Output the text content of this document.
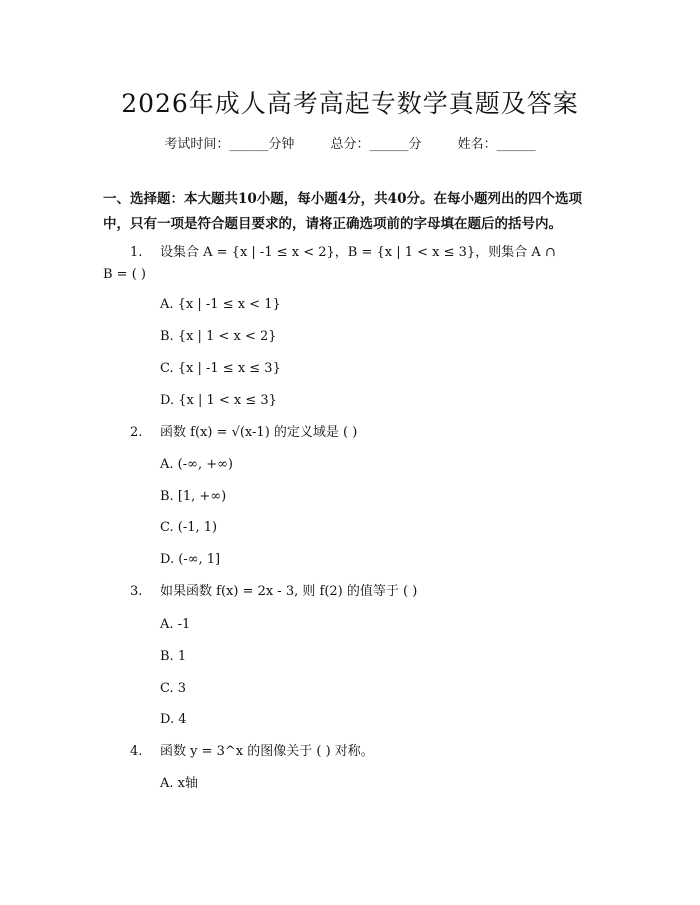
2026年成人高考高起专数学真题及答案
考试时间：______分钟	总分：______分	姓名：______
一、选择题：本大题共10小题，每小题4分，共40分。在每小题列出的四个选项中，只有一项是符合题目要求的，请将正确选项前的字母填在题后的括号内。
1. 设集合 A = {x | -1 ≤ x < 2}，B = {x | 1 < x ≤ 3}，则集合 A ∩
B = ( )
A. {x | -1 ≤ x < 1}
B. {x | 1 < x < 2}
C. {x | -1 ≤ x ≤ 3}
D. {x | 1 < x ≤ 3}
2. 函数 f(x) = √(x-1) 的定义域是 ( )
A. (-∞, +∞)
B. [1, +∞)
C. (-1, 1)
D. (-∞, 1]
3. 如果函数 f(x) = 2x - 3, 则 f(2) 的值等于 ( )
A. -1
B. 1
C. 3
D. 4
4. 函数 y = 3^x 的图像关于 ( ) 对称。
A. x轴
